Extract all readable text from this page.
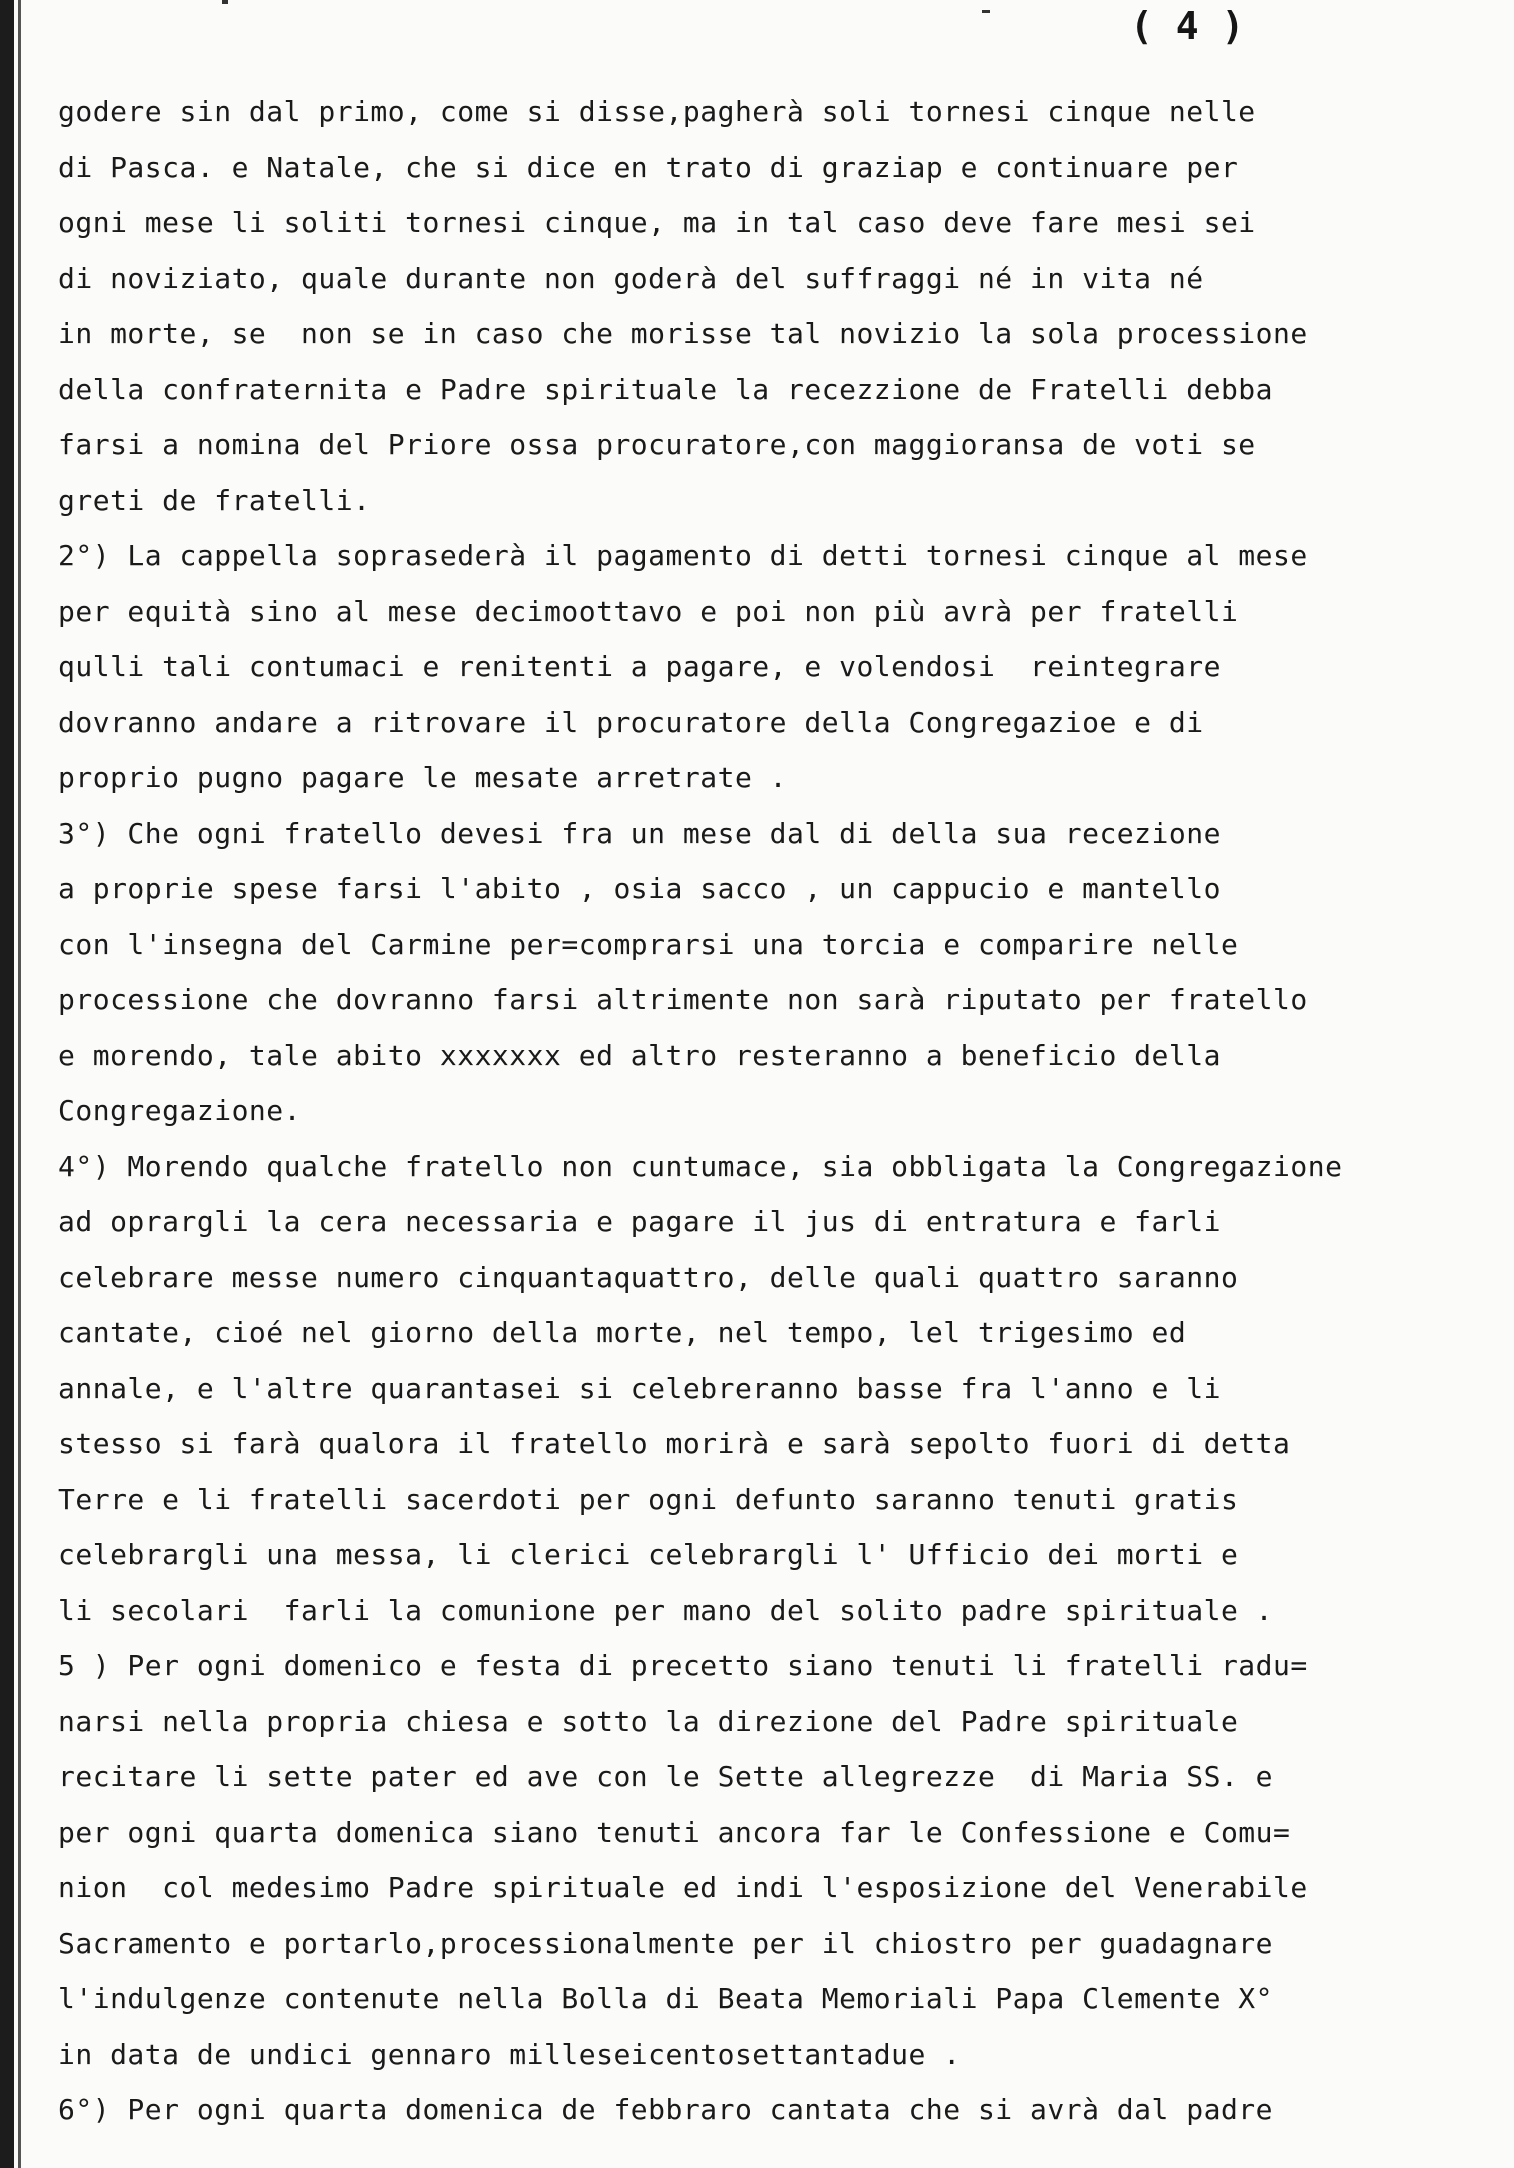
( 4 )
godere sin dal primo, come si disse,pagherà soli tornesi cinque nelle
di Pasca. e Natale, che si dice en trato di graziap e continuare per
ogni mese li soliti tornesi cinque, ma in tal caso deve fare mesi sei
di noviziato, quale durante non goderà del suffraggi né in vita né
in morte, se  non se in caso che morisse tal novizio la sola processione
della confraternita e Padre spirituale la recezzione de Fratelli debba
farsi a nomina del Priore ossa procuratore,con maggioransa de voti se
greti de fratelli.
2°) La cappella soprasederà il pagamento di detti tornesi cinque al mese
per equità sino al mese decimoottavo e poi non più avrà per fratelli
qulli tali contumaci e renitenti a pagare, e volendosi  reintegrare
dovranno andare a ritrovare il procuratore della Congregazioe e di
proprio pugno pagare le mesate arretrate .
3°) Che ogni fratello devesi fra un mese dal di della sua recezione
a proprie spese farsi l'abito , osia sacco , un cappucio e mantello
con l'insegna del Carmine per=comprarsi una torcia e comparire nelle
processione che dovranno farsi altrimente non sarà riputato per fratello
e morendo, tale abito xxxxxxx ed altro resteranno a beneficio della
Congregazione.
4°) Morendo qualche fratello non cuntumace, sia obbligata la Congregazione
ad oprargli la cera necessaria e pagare il jus di entratura e farli
celebrare messe numero cinquantaquattro, delle quali quattro saranno
cantate, cioé nel giorno della morte, nel tempo, lel trigesimo ed
annale, e l'altre quarantasei si celebreranno basse fra l'anno e li
stesso si farà qualora il fratello morirà e sarà sepolto fuori di detta
Terre e li fratelli sacerdoti per ogni defunto saranno tenuti gratis
celebrargli una messa, li clerici celebrargli l' Ufficio dei morti e
li secolari  farli la comunione per mano del solito padre spirituale .
5 ) Per ogni domenico e festa di precetto siano tenuti li fratelli radu=
narsi nella propria chiesa e sotto la direzione del Padre spirituale
recitare li sette pater ed ave con le Sette allegrezze  di Maria SS. e
per ogni quarta domenica siano tenuti ancora far le Confessione e Comu=
nion  col medesimo Padre spirituale ed indi l'esposizione del Venerabile
Sacramento e portarlo,processionalmente per il chiostro per guadagnare
l'indulgenze contenute nella Bolla di Beata Memoriali Papa Clemente X°
in data de undici gennaro milleseicentosettantadue .
6°) Per ogni quarta domenica de febbraro cantata che si avrà dal padre
